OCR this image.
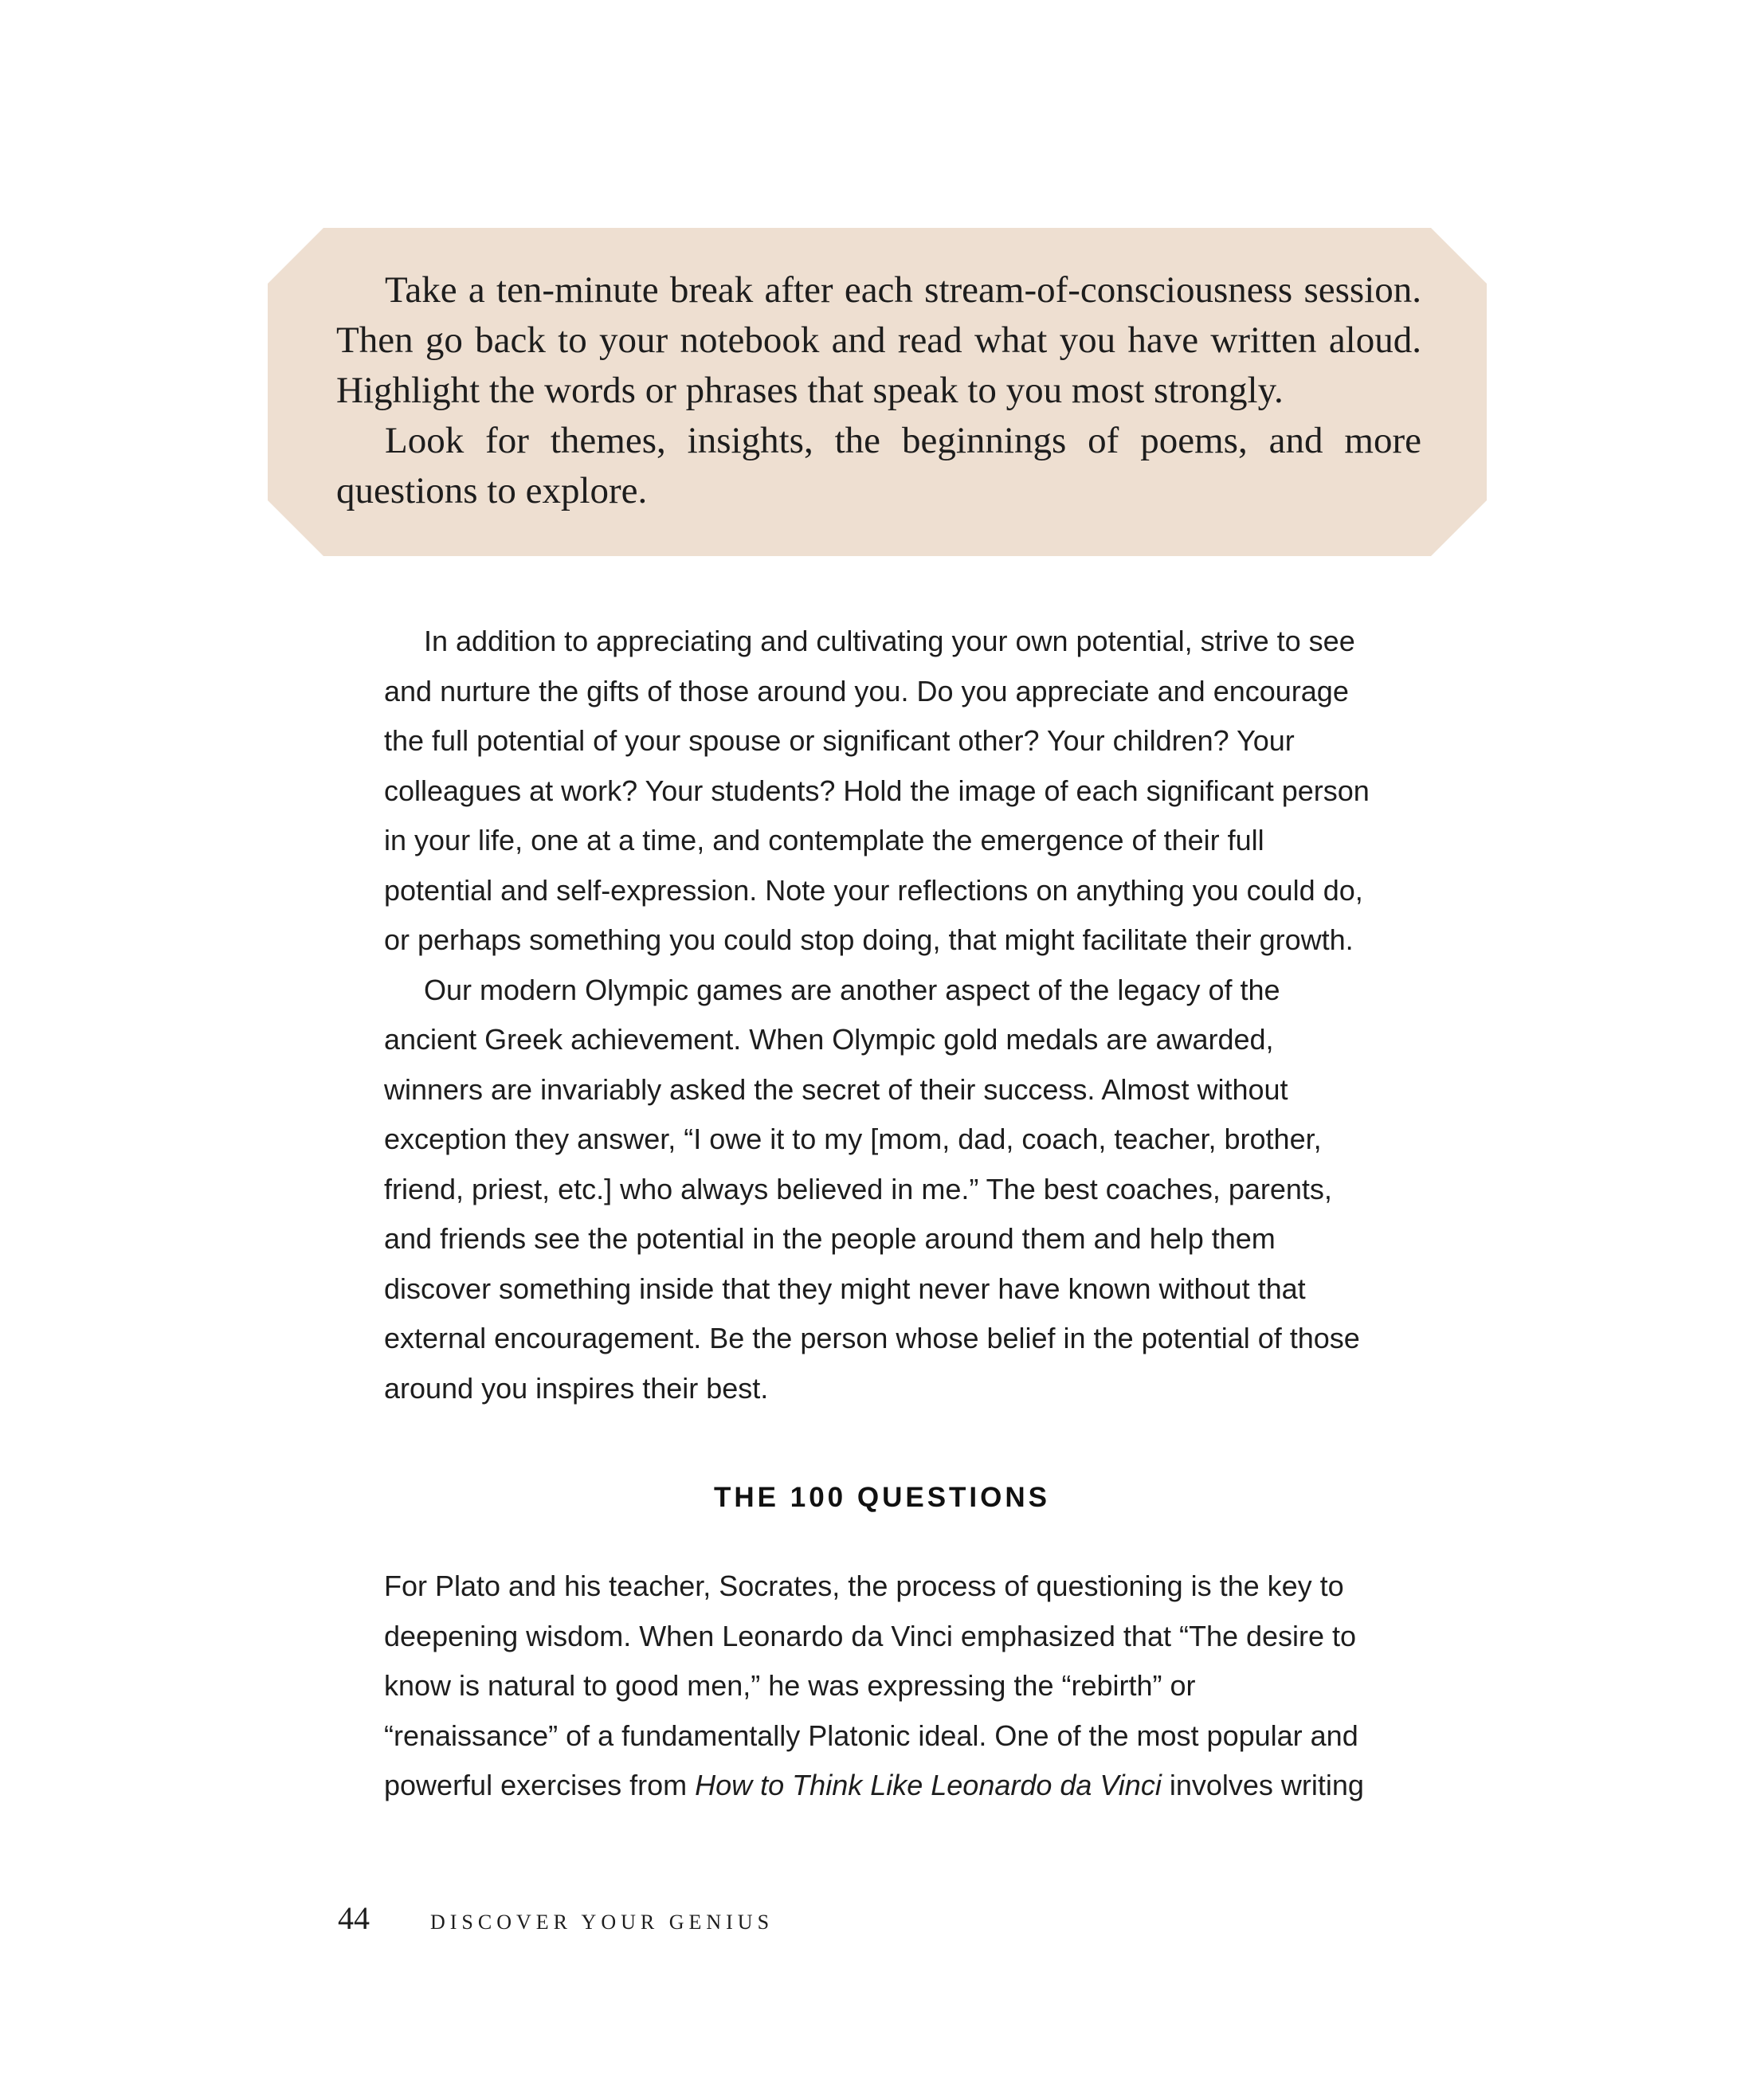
Take a ten-minute break after each stream-of-consciousness session. Then go back to your notebook and read what you have written aloud. Highlight the words or phrases that speak to you most strongly.

Look for themes, insights, the beginnings of poems, and more questions to explore.

In addition to appreciating and cultivating your own potential, strive to see and nurture the gifts of those around you. Do you appreciate and encourage the full potential of your spouse or significant other? Your children? Your colleagues at work? Your students? Hold the image of each significant person in your life, one at a time, and contemplate the emergence of their full potential and self-expression. Note your reflections on anything you could do, or perhaps something you could stop doing, that might facilitate their growth.

Our modern Olympic games are another aspect of the legacy of the ancient Greek achievement. When Olympic gold medals are awarded, winners are invariably asked the secret of their success. Almost without exception they answer, “I owe it to my [mom, dad, coach, teacher, brother, friend, priest, etc.] who always believed in me.” The best coaches, parents, and friends see the potential in the people around them and help them discover something inside that they might never have known without that external encouragement. Be the person whose belief in the potential of those around you inspires their best.

THE 100 QUESTIONS

For Plato and his teacher, Socrates, the process of questioning is the key to deepening wisdom. When Leonardo da Vinci emphasized that “The desire to know is natural to good men,” he was expressing the “rebirth” or “renaissance” of a fundamentally Platonic ideal. One of the most popular and powerful exercises from How to Think Like Leonardo da Vinci involves writing

44	DISCOVER YOUR GENIUS
